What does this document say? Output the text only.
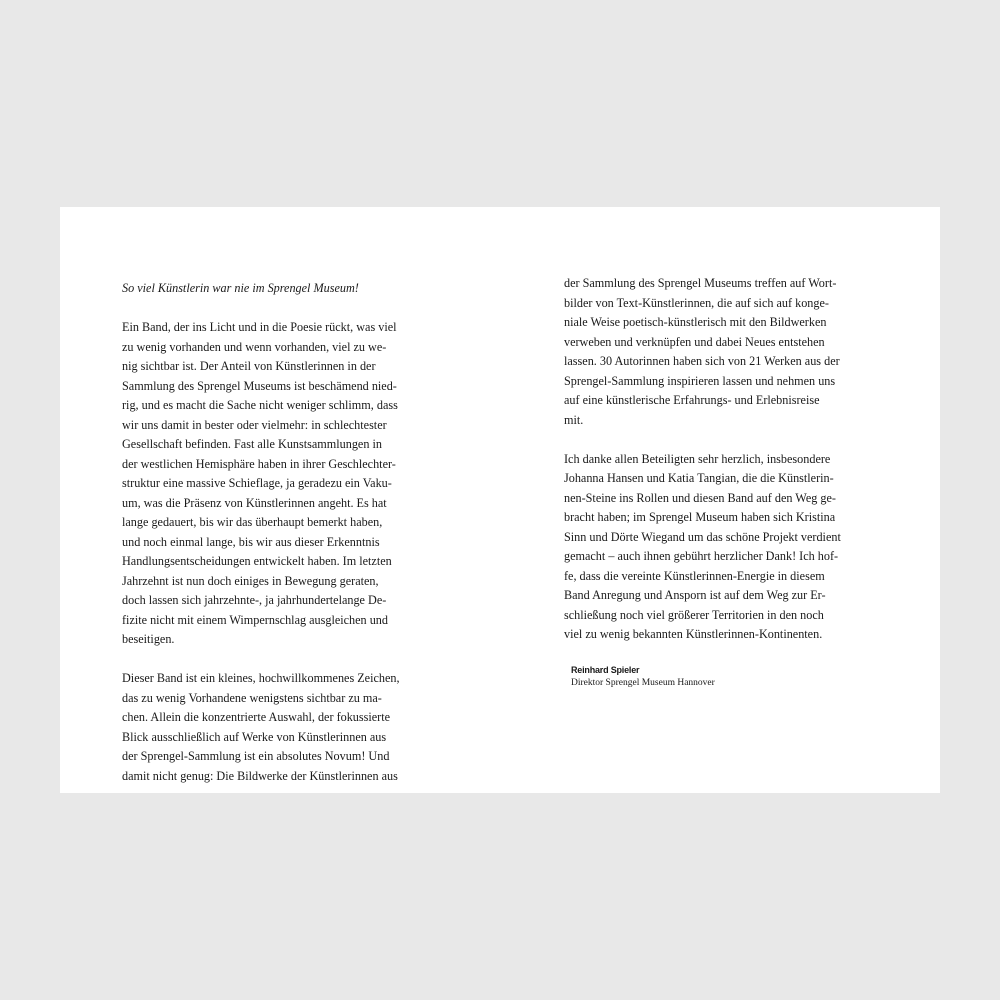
So viel Künstlerin war nie im Sprengel Museum!
Ein Band, der ins Licht und in die Poesie rückt, was viel
zu wenig vorhanden und wenn vorhanden, viel zu we-
nig sichtbar ist. Der Anteil von Künstlerinnen in der
Sammlung des Sprengel Museums ist beschämend nied-
rig, und es macht die Sache nicht weniger schlimm, dass
wir uns damit in bester oder vielmehr: in schlechtester
Gesellschaft befinden. Fast alle Kunstsammlungen in
der westlichen Hemisphäre haben in ihrer Geschlechter-
struktur eine massive Schieflage, ja geradezu ein Vaku-
um, was die Präsenz von Künstlerinnen angeht. Es hat
lange gedauert, bis wir das überhaupt bemerkt haben,
und noch einmal lange, bis wir aus dieser Erkenntnis
Handlungsentscheidungen entwickelt haben. Im letzten
Jahrzehnt ist nun doch einiges in Bewegung geraten,
doch lassen sich jahrzehnte-, ja jahrhundertelange De-
fizite nicht mit einem Wimpernschlag ausgleichen und
beseitigen.
Dieser Band ist ein kleines, hochwillkommenes Zeichen,
das zu wenig Vorhandene wenigstens sichtbar zu ma-
chen. Allein die konzentrierte Auswahl, der fokussierte
Blick ausschließlich auf Werke von Künstlerinnen aus
der Sprengel-Sammlung ist ein absolutes Novum! Und
damit nicht genug: Die Bildwerke der Künstlerinnen aus
der Sammlung des Sprengel Museums treffen auf Wort-
bilder von Text-Künstlerinnen, die auf sich auf konge-
niale Weise poetisch-künstlerisch mit den Bildwerken
verweben und verknüpfen und dabei Neues entstehen
lassen. 30 Autorinnen haben sich von 21 Werken aus der
Sprengel-Sammlung inspirieren lassen und nehmen uns
auf eine künstlerische Erfahrungs- und Erlebnisreise
mit.
Ich danke allen Beteiligten sehr herzlich, insbesondere
Johanna Hansen und Katia Tangian, die die Künstlerin-
nen-Steine ins Rollen und diesen Band auf den Weg ge-
bracht haben; im Sprengel Museum haben sich Kristina
Sinn und Dörte Wiegand um das schöne Projekt verdient
gemacht – auch ihnen gebührt herzlicher Dank! Ich hof-
fe, dass die vereinte Künstlerinnen-Energie in diesem
Band Anregung und Ansporn ist auf dem Weg zur Er-
schließung noch viel größerer Territorien in den noch
viel zu wenig bekannten Künstlerinnen-Kontinenten.
Reinhard Spieler
Direktor Sprengel Museum Hannover
